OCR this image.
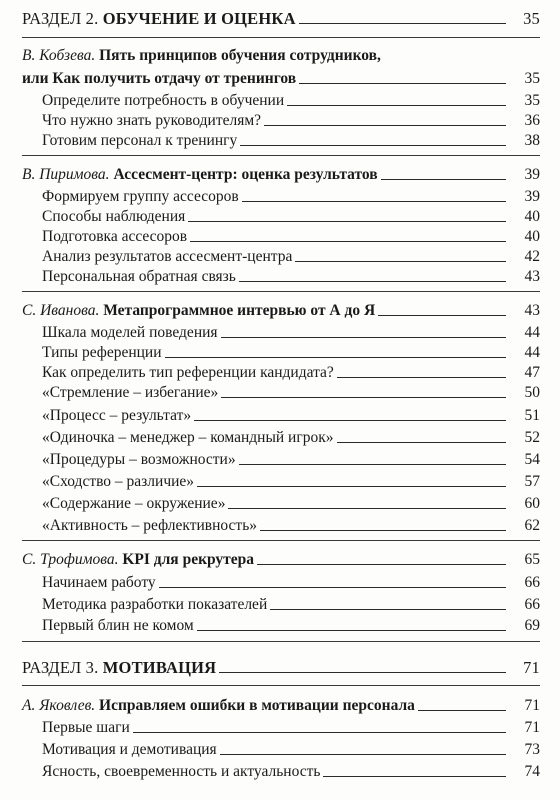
РАЗДЕЛ 2. ОБУЧЕНИЕ И ОЦЕНКА	35
В. Кобзева. Пять принципов обучения сотрудников,
или Как получить отдачу от тренингов	35
Определите потребность в обучении	35
Что нужно знать руководителям?	36
Готовим персонал к тренингу	38
В. Пиримова. Ассесмент-центр: оценка результатов	39
Формируем группу ассесоров	39
Способы наблюдения	40
Подготовка ассесоров	40
Анализ результатов ассесмент-центра	42
Персональная обратная связь	43
С. Иванова. Метапрограммное интервью от А до Я	43
Шкала моделей поведения	44
Типы референции	44
Как определить тип референции кандидата?	47
«Стремление – избегание»	50
«Процесс – результат»	51
«Одиночка – менеджер – командный игрок»	52
«Процедуры – возможности»	54
«Сходство – различие»	57
«Содержание – окружение»	60
«Активность – рефлективность»	62
С. Трофимова. KPI для рекрутера	65
Начинаем работу	66
Методика разработки показателей	66
Первый блин не комом	69
РАЗДЕЛ 3. МОТИВАЦИЯ	71
А. Яковлев. Исправляем ошибки в мотивации персонала	71
Первые шаги	71
Мотивация и демотивация	73
Ясность, своевременность и актуальность	74
